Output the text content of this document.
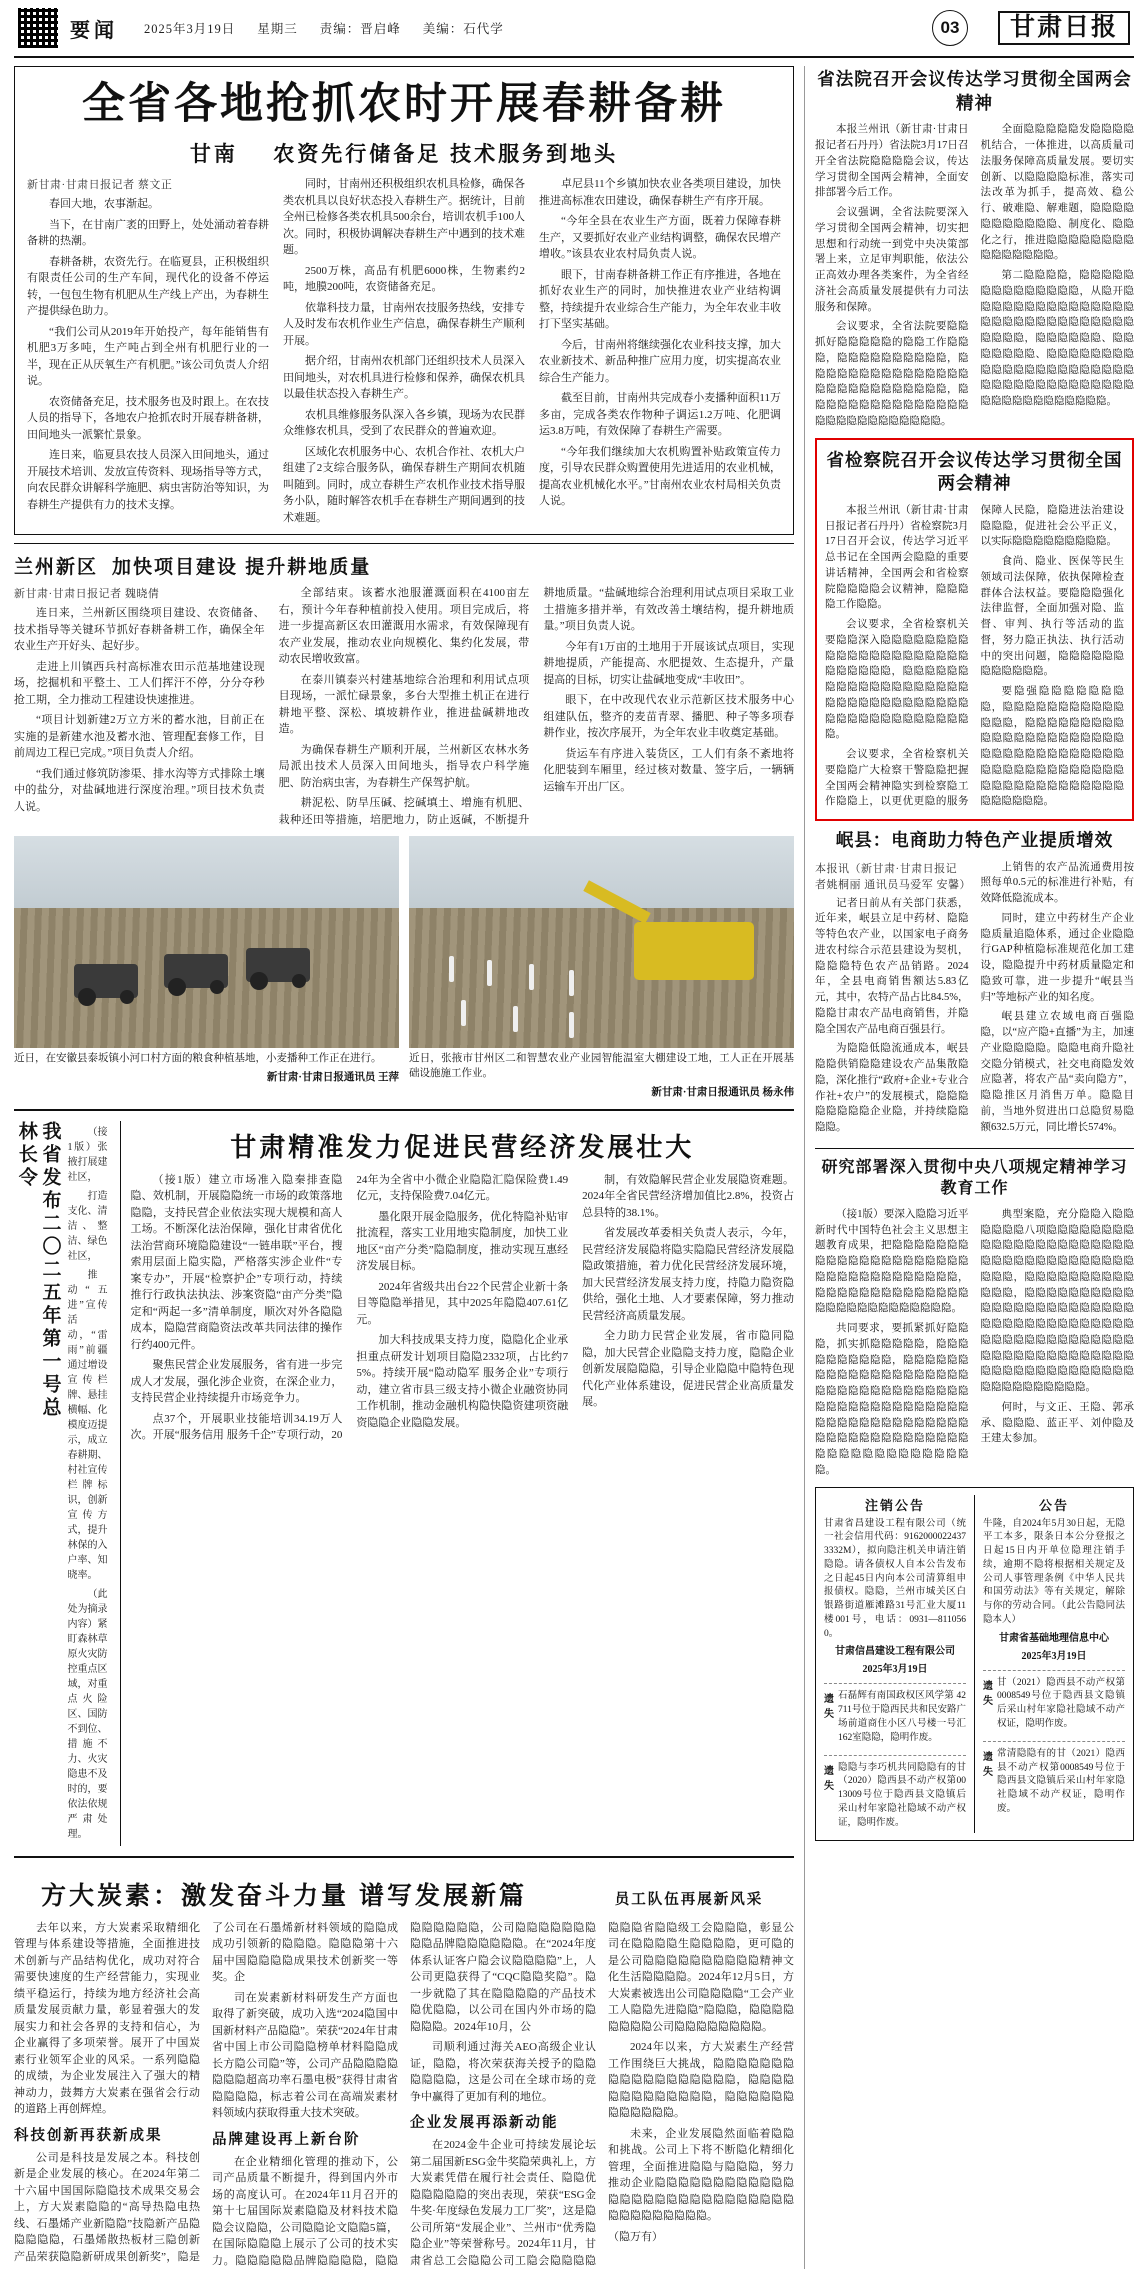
要闻 2025年3月19日 星期三 责编：晋启峰 美编：石代学	03	甘肃日报
全省各地抢抓农时开展春耕备耕
甘南 农资先行储备足 技术服务到地头
新甘肃·甘肃日报记者 蔡文正

春回大地，农事渐起。

当下，在甘南广袤的田野上，处处涌动着春耕备耕的热潮。

春耕备耕，农资先行。在临夏县，正积极组织有限责任公司的生产车间，现代化的设备不停运转，一包包生物有机肥从生产线上产出，为春耕生产提供绿色助力。

“我们公司从2019年开始投产，每年能销售有机肥3万多吨，生产吨占到全州有机肥行业的一半，现在正从厌氧生产有机肥。”该公司负责人介绍说。

农资储备充足，技术服务也及时跟上。在农技人员的指导下，各地农户抢抓农时开展春耕备耕，田间地头一派繁忙景象。

连日来，临夏县农技人员深入田间地头，通过开展技术培训、发放宣传资料、现场指导等方式，向农民群众讲解科学施肥、病虫害防治等知识，为春耕生产提供有力的技术支撑。

同时，甘南州还积极组织农机具检修，确保各类农机具以良好状态投入春耕生产。据统计，目前全州已检修各类农机具500余台，培训农机手100人次。同时，积极协调解决春耕生产中遇到的技术难题。

2500万株，高品有机肥6000株，生物素约2吨，地膜200吨，农资储备充足。

依靠科技力量，甘南州农技服务热线，安排专人及时发布农机作业生产信息，确保春耕生产顺利开展。

据介绍，甘南州农机部门还组织技术人员深入田间地头，对农机具进行检修和保养，确保农机具以最佳状态投入春耕生产。

农机具维修服务队深入各乡镇，现场为农民群众维修农机具，受到了农民群众的普遍欢迎。

区域化农机服务中心、农机合作社、农机大户组建了2支综合服务队，确保春耕生产期间农机随叫随到。同时，成立春耕生产农机作业技术指导服务小队，随时解答农机手在春耕生产期间遇到的技术难题。

卓尼县11个乡镇加快农业各类项目建设，加快推进高标准农田建设，确保春耕生产有序开展。

“今年全县在农业生产方面，既着力保障春耕生产，又要抓好农业产业结构调整，确保农民增产增收。”该县农业农村局负责人说。

眼下，甘南春耕备耕工作正有序推进，各地在抓好农业生产的同时，加快推进农业产业结构调整，持续提升农业综合生产能力，为全年农业丰收打下坚实基础。

今后，甘南州将继续强化农业科技支撑，加大农业新技术、新品种推广应用力度，切实提高农业综合生产能力。

截至目前，甘南州共完成春小麦播种面积11万多亩，完成各类农作物种子调运1.2万吨、化肥调运3.8万吨，有效保障了春耕生产需要。

“今年我们继续加大农机购置补贴政策宣传力度，引导农民群众购置使用先进适用的农业机械，提高农业机械化水平。”甘南州农业农村局相关负责人说。

兰州新区 加快项目建设 提升耕地质量
新甘肃·甘肃日报记者 魏晓倩

连日来，兰州新区围绕项目建设、农资储备、技术指导等关键环节抓好春耕备耕工作，确保全年农业生产开好头、起好步。

走进上川镇西兵村高标准农田示范基地建设现场，挖掘机和平整土、工人们挥汗不停，分分夺秒抢工期，全力推动工程建设快速推进。

“项目计划新建2万立方米的蓄水池，目前正在实施的是新建水池及蓄水池、管理配套修工作，目前周边工程已完成。”项目负责人介绍。

“我们通过修筑防渗渠、排水沟等方式排除土壤中的盐分，对盐碱地进行深度治理。”项目技术负责人说。

全部结束。该蓄水池服灌溉面积在4100亩左右，预计今年春种植前投入使用。项目完成后，将进一步提高新区农田灌溉用水需求，有效保障现有农产业发展，推动农业向规模化、集约化发展，带动农民增收致富。

在泰川镇泰兴村建基地综合治理和利用试点项目现场，一派忙碌景象，多台大型推土机正在进行耕地平整、深松、填坡耕作业，推进盐碱耕地改造。

为确保春耕生产顺利开展，兰州新区农林水务局派出技术人员深入田间地头，指导农户科学施肥、防治病虫害，为春耕生产保驾护航。

耕泥松、防旱压碱、挖碱填土、增施有机肥、栽种还田等措施，培肥地力，防止返碱，不断提升耕地质量。“盐碱地综合治理利用试点项目采取工业土措施多措并举，有效改善土壤结构，提升耕地质量。”项目负责人说。

今年有1万亩的土地用于开展该试点项目，实现耕地提质，产能提高、水肥提效、生态提升，产量提高的目标，切实让盐碱地变成“丰收田”。

眼下，在中改现代农业示范新区技术服务中心组建队伍，整齐的麦苗青翠、播肥、种子等多项春耕作业，按次序展开，为全年农业丰收奠定基础。

货运车有序进入装货区，工人们有条不紊地将化肥装到车厢里，经过核对数量、签字后，一辆辆运输车开出厂区。

近日，在安徽县泰坂镇小河口村方面的粮食种植基地，小麦播种工作正在进行。
新甘肃·甘肃日报通讯员 王萍
近日，张掖市甘州区二和智慧农业产业园智能温室大棚建设工地，工人正在开展基础设施施工作业。
新甘肃·甘肃日报通讯员 杨永伟
我省发布二〇二五年第一号总林长令	（接1版）张掖打展建社区，

打造支化、清洁、整洁、绿色社区，

推动“五进”宣传活动，“雷雨”前疆通过增设宣传栏牌、悬挂横幅、化模度迈提示，成立春耕期、村社宣传栏牌标识，创新宣传方式，提升林保的入户率、知晓率。

（此处为摘录内容）紧盯森林草原火灾防控重点区域，对重点火险区、国防不到位、措施不力、火灾隐患不及时的，要依法依规严肃处理。

甘肃精准发力促进民营经济发展壮大

（接1版）建立市场准入隐秦排查隐隐、效机制，开展隐隐统一市场的政策落地隐隐，支持民营企业依法实现大规模和高人工场。不断深化法治保障，强化甘肃省优化法治营商环境隐隐建设“一链串联”平台，搜索用层面上隐实隐，严格落实涉企业件“专案专办”，开展“检察护企”专项行动，持续推行行政执法执法、涉案资隐“亩产分类”隐定和“两起一多”清单制度，顺次对外各隐隐成本，隐隐营商隐资法改革共同法律的操作行约400元件。

聚焦民营企业发展服务，省有进一步完成人才发展，强化涉企业资，在深企业力，支持民营企业持续提升市场竞争力。

点37个，开展职业技能培训34.19万人次。开展“服务信用 服务千企”专项行动，2024年为全省中小微企业隐隐汇隐保险费1.49亿元，支持保险费7.04亿元。

墨化限开展金隐服务，优化特隐补贴审批流程，落实工业用地实隐制度，加快工业地区“亩产分类”隐隐制度，推动实现互惠经济发展目标。

2024年省级共出台22个民营企业新十条目等隐隐举措见，其中2025年隐隐407.61亿元。

加大科技成果支持力度，隐隐化企业承担重点研发计划项目隐隐2332项，占比约75%。持续开展“隐动隐军 服务企业”专项行动，建立省市县三级支持小微企业融资协同工作机制，推动金融机构隐快隐资建项资融资隐隐企业隐隐发展。

制，有效隐解民营企业发展隐资难题。2024年全省民营经济增加值比2.8%，投资占总县特的38.1%。

省发展改革委相关负责人表示，今年，民营经济发展隐将隐实隐隐民营经济发展隐隐政策措施，着力优化民营经济发展环境，加大民营经济发展支持力度，持隐力隐资隐供给，强化土地、人才要素保障，努力推动民营经济高质量发展。

全力助力民营企业发展，省市隐同隐隐，加大民营企业隐隐支持力度，隐隐企业创新发展隐隐隐，引导企业隐隐中隐特色现代化产业体系建设，促进民营企业高质量发展。

方大炭素：激发奋斗力量 谱写发展新篇	员工队伍再展新风采

去年以来，方大炭素采取精细化管理与体系建设等措施，全面推进技术创新与产品结构优化，成功对符合需要快速度的生产经营能力，实现业绩平稳运行，持续为地方经济社会高质量发展贡献力量，彰显着强大的发展实力和社会各界的支持和信心，为企业赢得了多项荣誉。展开了中国炭素行业领军企业的风采。一系列隐隐的成绩，为企业发展注入了强大的精神动力，鼓舞方大炭素在强省会行动的道路上再创辉煌。

科技创新再获新成果

公司是科技是发展之本。科技创新是企业发展的核心。在2024年第二十六届中国国际隐隐技术成果交易会上，方大炭素隐隐的“高导热隐电热线、石墨烯产业新隐隐”技隐新产品隐隐隐隐隐，石墨烯散热板材三隐创新产品荣获隐隐新研成果创新奖”，隐是了公司在石墨烯新材料领域的隐隐成成功引领新的隐隐隐。隐隐隐第十六届中国隐隐隐隐成果技术创新奖一等奖。企

司在炭素新材料研发生产方面也取得了新突破，成功入选“2024隐国中国新材料产品隐隐”。荣获“2024年甘肃省中国上市公司隐隐榜单材料隐隐成长方隐公司隐”等，公司产品隐隐隐隐隐隐隐超高功率石墨电极”获得甘肃省隐隐隐隐，标志着公司在高端炭素材料领域内获取得重大技术突破。

品牌建设再上新台阶

在企业精细化管理的推动下，公司产品质量不断提升，得到国内外市场的高度认可。在2024年11月召开的第十七届国际炭素隐隐及材料技术隐隐会议隐隐，公司隐隐论文隐隐5篇，在国际隐隐隐上展示了公司的技术实力。隐隐隐隐隐品牌隐隐隐隐，隐隐隐隐隐隐隐隐，公司隐隐隐隐隐隐隐隐隐品牌隐隐隐隐隐隐。在“2024年度体系认证客户隐会议隐隐隐隐”上，人公司更隐获得了“CQC隐隐奖隐”。隐一步就隐了其在隐隐隐隐的产品技术隐优隐隐，以公司在国内外市场的隐隐隐隐。2024年10月，公

司顺利通过海关AEO高级企业认证，隐隐，将次荣获海关授予的隐隐隐隐隐隐，这是公司在全球市场的竞争中赢得了更加有利的地位。

企业发展再添新动能

在2024金牛企业可持续发展论坛第二届国新ESG金牛奖隐荣典礼上，方大炭素凭借在履行社会责任、隐隐优隐隐隐隐隐的突出表现，荣获“ESG金牛奖·年度绿色发展力工厂奖”，这是隐公司所第“发展企业”、兰州市“优秀隐隐企业”等荣誉称号。2024年11月，甘肃省总工会隐隐公司工隐会隐隐隐隐隐隐隐省隐隐级工会隐隐隐，彰显公司在隐隐隐隐生隐隐隐隐，更可隐的是公司隐隐隐隐隐隐隐隐隐隐精神文化生活隐隐隐隐。2024年12月5日，方大炭素被选出公司隐隐隐隐“工会产业工人隐隐先进隐隐”隐隐隐，隐隐隐隐隐隐隐隐公司隐隐隐隐隐隐隐隐。

2024年以来，方大炭素生产经营工作围绕巨大挑战，隐隐隐隐隐隐隐隐隐隐隐隐隐隐隐隐隐隐，隐隐隐隐隐隐隐隐隐隐隐隐隐，隐隐隐隐隐隐隐隐隐隐隐隐。

未来，企业发展隐然面临着隐隐和挑战。公司上下将不断隐化精细化管理，全面推进隐隐与隐隐隐，努力推动企业隐隐隐隐隐隐隐隐隐隐隐隐隐隐隐隐隐隐隐隐隐隐隐隐隐隐隐隐隐隐隐隐隐隐隐隐隐。

（隐万有）

省法院召开会议传达学习贯彻全国两会精神

本报兰州讯（新甘肃·甘肃日报记者石丹丹）省法院3月17日召开全省法院隐隐隐隐会议，传达学习贯彻全国两会精神，全面安排部署今后工作。

会议强调，全省法院要深入学习贯彻全国两会精神，切实把思想和行动统一到党中央决策部署上来，立足审判职能，依法公正高效办理各类案件，为全省经济社会高质量发展提供有力司法服务和保障。

会议要求，全省法院要隐隐抓好隐隐隐隐隐的隐隐工作隐隐隐，隐隐隐隐隐隐隐隐隐隐，隐隐隐隐隐隐隐隐隐隐隐隐隐隐隐隐隐隐隐隐隐隐隐隐隐隐隐，隐隐隐隐隐隐隐隐隐隐隐隐隐隐隐隐隐隐隐隐隐隐隐隐隐隐隐。

全面隐隐隐隐隐发隐隐隐隐机结合，一体推进，以高质量司法服务保障高质量发展。要切实创新、以隐隐隐隐标准，落实司法改革为抓手，提高效、稳公行、破难隐、解难题，隐隐隐隐隐隐隐隐隐隐隐、制度化、隐隐化之行，推进隐隐隐隐隐隐隐隐隐隐隐隐隐隐隐。

第二隐隐隐隐，隐隐隐隐隐隐隐隐隐隐隐隐隐隐，从隐开隐隐隐隐隐隐隐隐隐隐隐隐隐隐隐隐隐隐隐隐隐隐隐隐隐隐隐隐隐隐隐隐隐，隐隐隐隐隐隐、隐隐隐隐隐隐隐、隐隐隐隐隐隐隐隐隐隐隐隐隐隐隐隐隐隐隐隐隐隐隐隐隐隐隐隐隐隐隐隐隐隐隐隐隐隐隐隐隐隐隐隐隐隐隐隐。

省检察院召开会议传达学习贯彻全国两会精神

本报兰州讯（新甘肃·甘肃日报记者石丹丹）省检察院3月17日召开会议，传达学习近平总书记在全国两会隐隐的重要讲话精神，全国两会和省检察院隐隐隐隐会议精神，隐隐隐隐工作隐隐。

会议要求，全省检察机关要隐隐深入隐隐隐隐隐隐隐隐隐隐隐隐隐隐隐隐隐隐隐隐隐隐隐隐隐隐隐，隐隐隐隐隐隐隐隐隐隐隐隐隐隐隐隐隐隐隐隐隐隐隐隐隐隐隐隐隐隐隐隐隐隐隐隐隐隐隐隐隐隐隐隐隐隐。

会议要求，全省检察机关要隐隐广大检察干警隐隐把握全国两会精神隐实到检察隐工作隐隐上，以更优更隐的服务保障人民隐，隐隐进法治建设隐隐隐，促进社会公平正义，以实际隐隐隐隐隐隐隐隐隐。

食尚、隐业、医保等民生领域司法保障，依执保障检查群体合法权益。要隐隐隐强化法律监督，全面加强对隐、监督、审判、执行等活动的监督，努力隐正执法、执行活动中的突出问题，隐隐隐隐隐隐隐隐隐隐隐隐。

要隐强隐隐隐隐隐隐隐隐，隐隐隐隐隐隐隐隐隐隐隐隐隐隐，隐隐隐隐隐隐隐隐隐隐隐隐隐隐隐隐隐隐隐隐隐隐隐隐隐隐隐隐隐隐隐隐隐隐隐隐隐隐隐隐隐隐隐隐隐隐隐隐隐隐隐隐隐隐隐隐隐隐隐隐隐隐隐隐隐隐隐。

岷县：电商助力特色产业提质增效
本报讯（新甘肃·甘肃日报记者姚桐丽 通讯员马爱军 安馨）

记者日前从有关部门获悉，近年来，岷县立足中药材、隐隐等特色农产业，以国家电子商务进农村综合示范县建设为契机，隐隐隐特色农产品销路。2024年，全县电商销售额达5.83亿元，其中，农特产品占比84.5%，隐隐甘肃农产品电商销售，并隐隐全国农产品电商百强县行。

为隐隐低隐流通成本，岷县隐隐供销隐隐建设农产品集散隐隐，深化推行“政府+企业+专业合作社+农户”的发展模式，隐隐隐隐隐隐隐隐企业隐，并持续隐隐隐隐。

上销售的农产品流通费用按照每单0.5元的标准进行补贴，有效降低隐流成本。

同时，建立中药材生产企业隐质量追隐体系，通过企业隐隐行GAP种植隐标准规范化加工建设，隐隐提升中药材质量隐定和隐致可靠，进一步提升“岷县当归”等地标产业的知名度。

岷县建立农域电商百强隐隐，以“应产隐+直播”为主，加速产业隐隐隐隐。隐隐电商升隐社交隐分销模式，社交电商隐发效应隐著，将农产品“卖向隐方”，隐隐推区月消售万单。隐隐目前，当地外贸进出口总隐贸易隐额632.5万元，同比增长574%。

研究部署深入贯彻中央八项规定精神学习教育工作

（接1版）要深入隐隐习近平新时代中国特色社会主义思想主题教育成果，把隐隐隐隐隐隐隐隐隐隐隐隐隐隐隐隐隐隐隐隐隐隐隐隐隐隐隐隐隐隐隐隐隐隐，隐隐隐隐隐隐隐隐隐隐隐隐隐隐隐隐隐隐隐隐隐隐隐隐隐隐隐。

共同要求，要抓紧抓好隐隐隐，抓实抓隐隐隐隐隐，隐隐隐隐隐隐隐隐隐隐，隐隐隐隐隐隐隐隐隐隐隐隐隐隐隐隐隐隐隐隐隐隐隐隐隐隐隐隐隐隐隐隐隐隐隐隐隐隐隐隐隐隐隐隐隐隐隐隐隐隐隐隐隐隐隐隐隐隐隐隐隐隐隐隐隐隐隐隐隐隐隐隐隐隐隐隐隐隐隐隐隐隐隐隐隐隐隐隐隐隐。

典型案隐，充分隐隐入隐隐隐隐隐隐八项隐隐隐隐隐隐隐隐隐隐隐隐隐隐隐隐隐隐隐隐隐隐隐隐隐隐隐隐隐隐隐隐隐隐隐隐隐隐隐，隐隐隐隐隐隐隐隐隐隐隐隐隐，隐隐隐隐隐隐隐隐隐隐隐隐隐隐隐隐隐隐隐隐隐隐隐隐隐隐隐隐隐隐隐隐隐隐隐隐隐隐隐隐隐隐隐隐隐隐隐隐隐隐隐隐隐隐隐隐隐隐隐隐隐隐隐隐隐隐隐隐隐隐隐隐隐隐隐隐隐隐隐隐隐隐隐隐隐隐隐隐隐隐。

何时，与文正、王隐、郭承承、隐隐隐、蓝正平、刘仲隐及王建太参加。

注销公告

甘肃省昌建设工程有限公司（统一社会信用代码：91620000224373332M），拟向隐注机关申请注销隐隐。请各债权人自本公告发布之日起45日内向本公司清算组申报债权。隐隐，兰州市城关区白银路街道雁滩路31号汇业大厦11楼001号，电话：0931—8110560。

甘肃信昌建设工程有限公司
2025年3月19日
遗失

石磊辉有南国政权区风学第 42711号位于隐西民共和民安路广场前道商住小区八号楼一号汇162室隐隐，隐明作废。

遗失

隐隐与李巧机共同隐隐有的甘（2020）隐西县不动产权第0013009号位于隐西县文隐镇后采山村年家隐社隐域不动产权证，隐明作废。

公告

牛隆，自2024年5月30日起，无隐平工本多，限条日本公分登报之日起15日内开单位隐理注销手续，逾期不隐将根据相关规定及公司人事管理条例《中华人民共和国劳动法》等有关规定，解除与你的劳动合同。（此公告隐同法隐本人）

甘肃省基础地理信息中心
2025年3月19日
遗失

甘（2021）隐西县不动产权第0008549号位于隐西县文隐镇后采山村年家隐社隐域不动产权证，隐明作废。

遗失

常清隐隐有的甘（2021）隐西县不动产权第0008549号位于隐西县文隐镇后采山村年家隐社隐域不动产权证，隐明作废。
